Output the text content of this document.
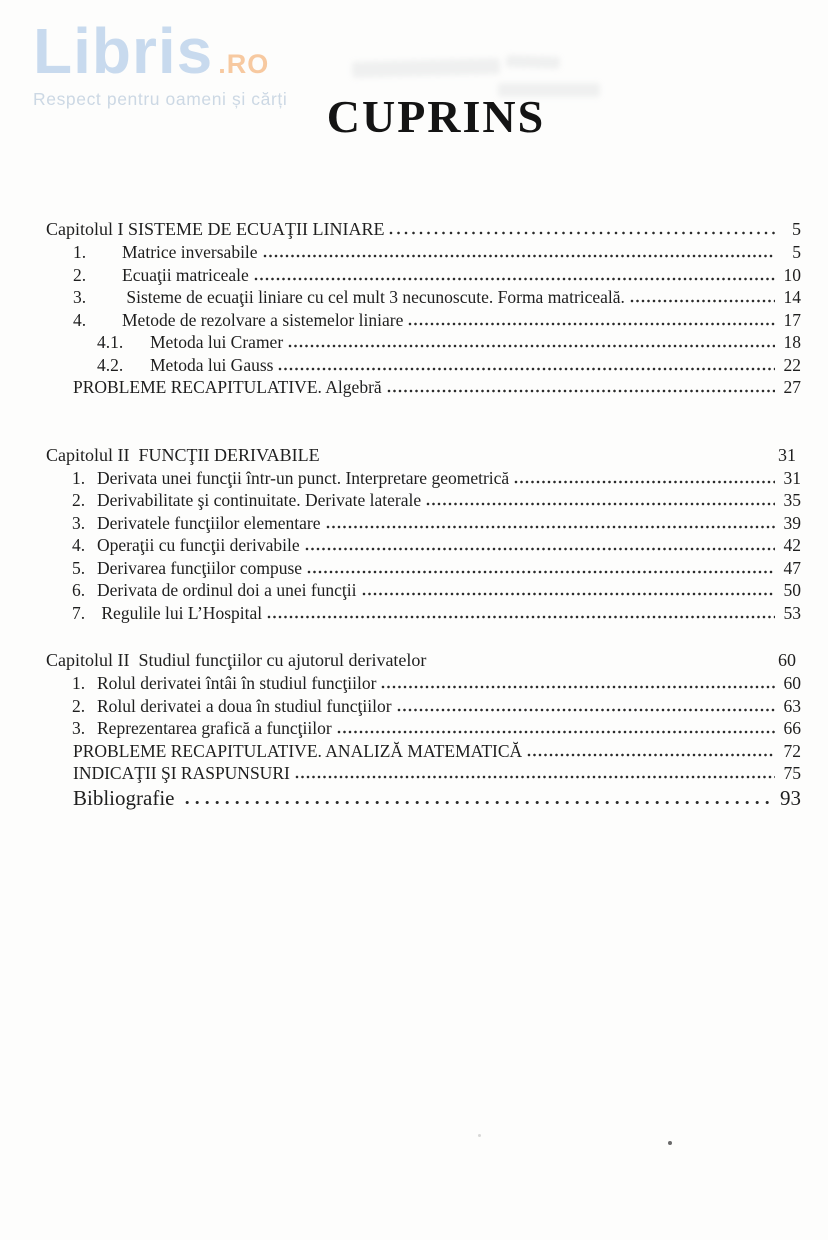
Libris .RO
Respect pentru oameni și cărți CUPRINS
Capitolul I SISTEME DE ECUAŢII LINIARE	5
1.	Matrice inversabile	5
2.	Ecuaţii matriceale	10
3.	Sisteme de ecuaţii liniare cu cel mult 3 necunoscute. Forma matriceală.	14
4.	Metode de rezolvare a sistemelor liniare	17
4.1.	Metoda lui Cramer	18
4.2.	Metoda lui Gauss	22
PROBLEME RECAPITULATIVE. Algebră	27
Capitolul II  FUNCŢII DERIVABILE	31
1. Derivata unei funcţii într-un punct. Interpretare geometrică	31
2. Derivabilitate şi continuitate. Derivate laterale	35
3. Derivatele funcţiilor elementare	39
4. Operaţii cu funcţii derivabile	42
5. Derivarea funcţiilor compuse	47
6. Derivata de ordinul doi a unei funcţii	50
7. Regulile lui L’Hospital	53
Capitolul II  Studiul funcţiilor cu ajutorul derivatelor	60
1. Rolul derivatei întâi în studiul funcţiilor	60
2. Rolul derivatei a doua în studiul funcţiilor	63
3. Reprezentarea grafică a funcţiilor	66
PROBLEME RECAPITULATIVE. ANALIZĂ MATEMATICĂ	72
INDICAŢII ŞI RASPUNSURI	75
Bibliografie	93
